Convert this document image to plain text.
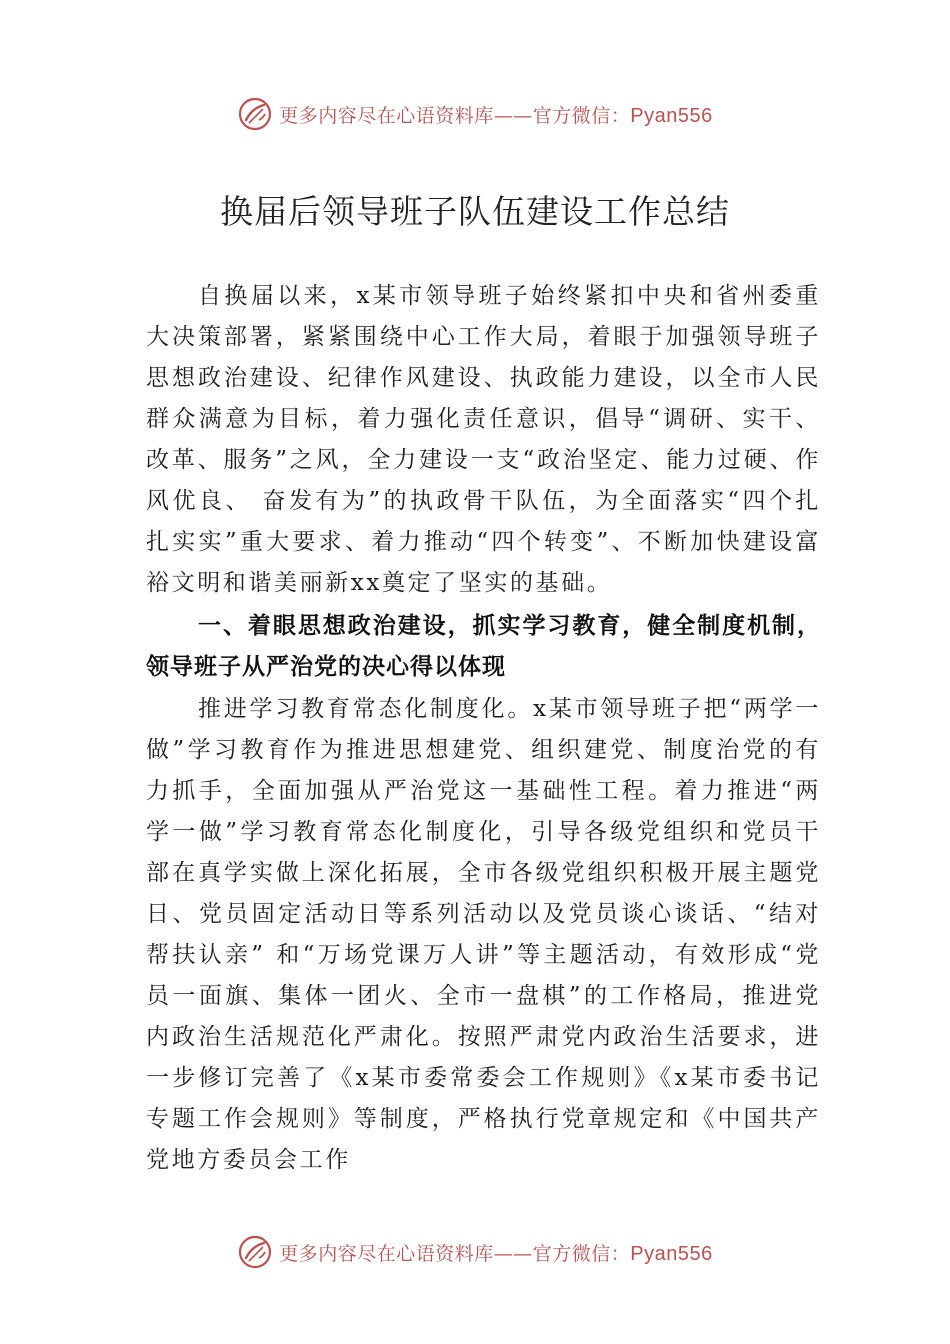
更多内容尽在心语资料库——官方微信：Pyan556
换届后领导班子队伍建设工作总结

自换届以来，x某市领导班子始终紧扣中央和省州委重大决策部署，紧紧围绕中心工作大局，着眼于加强领导班子思想政治建设、纪律作风建设、执政能力建设，以全市人民群众满意为目标，着力强化责任意识，倡导“调研、实干、改革、服务”之风，全力建设一支“政治坚定、能力过硬、作风优良、 奋发有为”的执政骨干队伍，为全面落实“四个扎扎实实”重大要求、着力推动“四个转变”、不断加快建设富裕文明和谐美丽新xx奠定了坚实的基础。

一、着眼思想政治建设，抓实学习教育，健全制度机制，领导班子从严治党的决心得以体现

推进学习教育常态化制度化。x某市领导班子把“两学一做”学习教育作为推进思想建党、组织建党、制度治党的有力抓手，全面加强从严治党这一基础性工程。着力推进“两学一做”学习教育常态化制度化，引导各级党组织和党员干部在真学实做上深化拓展，全市各级党组织积极开展主题党日、党员固定活动日等系列活动以及党员谈心谈话、“结对帮扶认亲” 和“万场党课万人讲”等主题活动，有效形成“党员一面旗、集体一团火、全市一盘棋”的工作格局，推进党内政治生活规范化严肃化。按照严肃党内政治生活要求，进一步修订完善了《x某市委常委会工作规则》《x某市委书记专题工作会规则》等制度，严格执行党章规定和《中国共产党地方委员会工作

更多内容尽在心语资料库——官方微信：Pyan556
